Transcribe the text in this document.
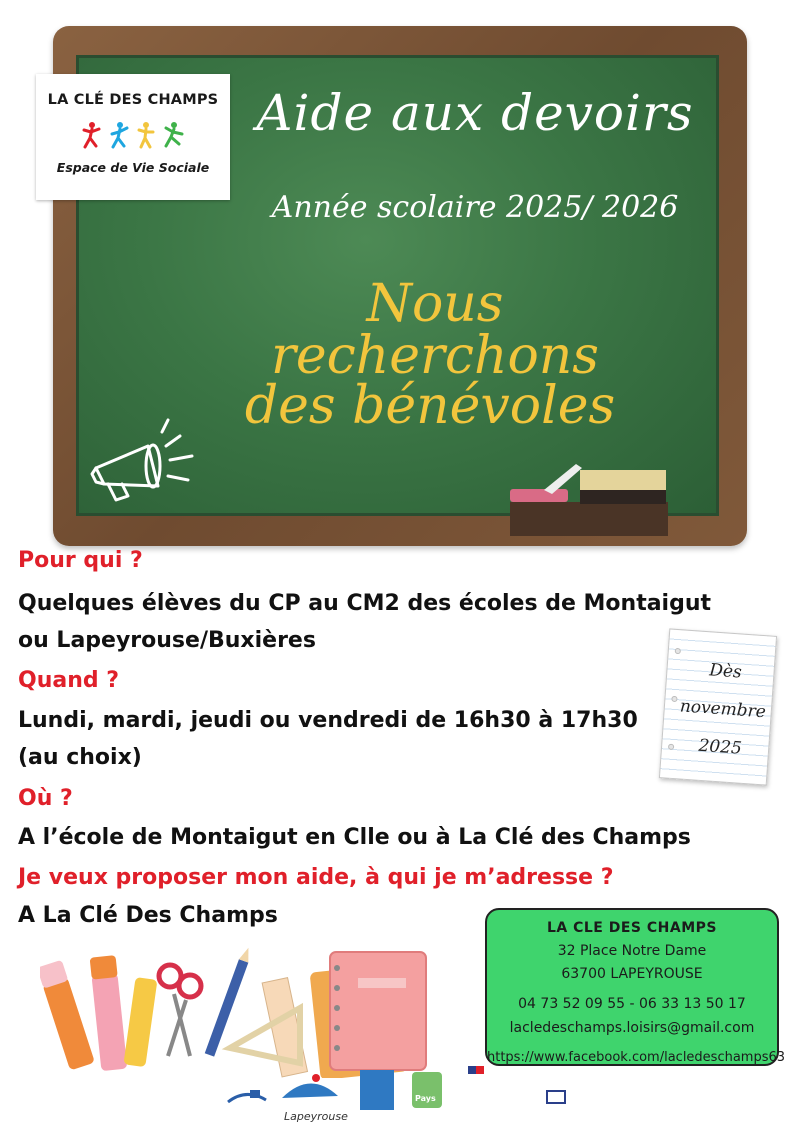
Aide aux devoirs
Année scolaire 2025/ 2026
Nous recherchons
des bénévoles
LA CLÉ DES CHAMPS
Espace de Vie Sociale
Pour qui ?
Quelques élèves du CP au CM2 des écoles de Montaigut
ou Lapeyrouse/Buxières
Quand ?
Lundi, mardi, jeudi ou vendredi de 16h30 à 17h30
(au choix)
Où ?
A l’école de Montaigut en Clle ou à La Clé des Champs
Je veux proposer mon aide, à qui je m’adresse ?
A La Clé Des Champs
Dès
novembre
2025
LA CLE DES CHAMPS
32 Place Notre Dame
63700 LAPEYROUSE
04 73 52 09 55 - 06 33 13 50 17
lacledeschamps.loisirs@gmail.com
https://www.facebook.com/lacledeschamps63
Lapeyrouse
Pays
